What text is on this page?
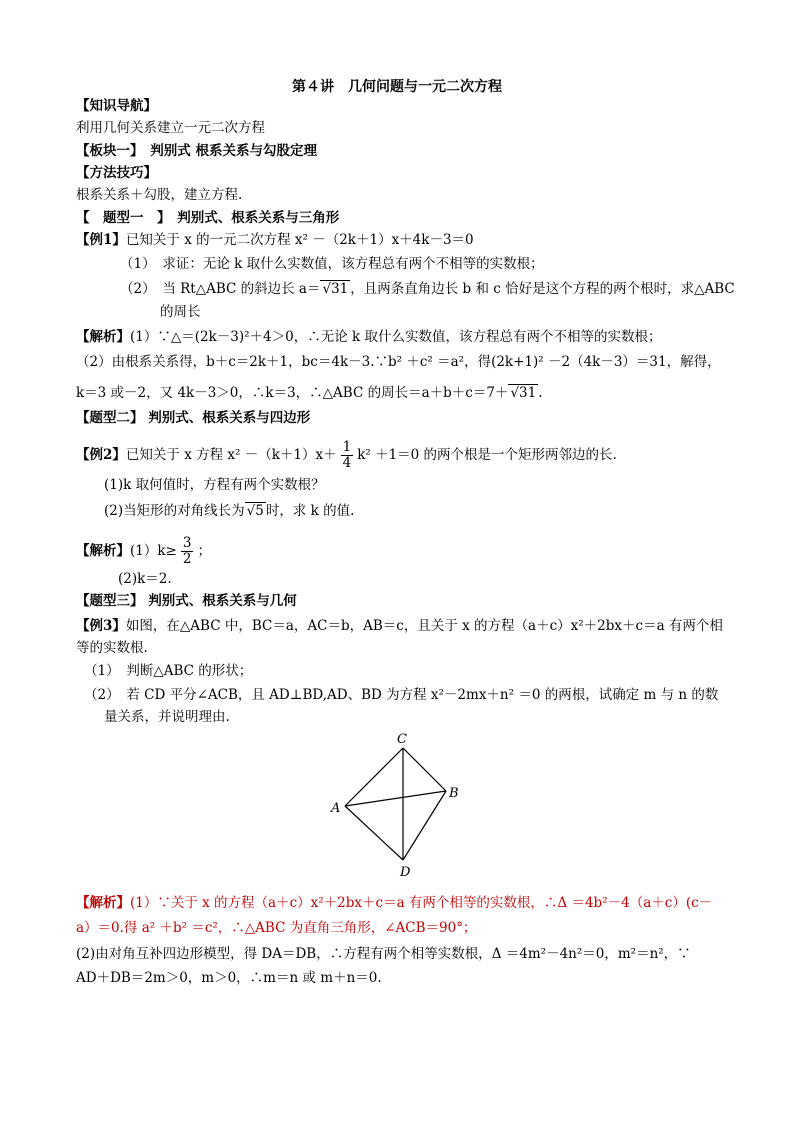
第４讲　几何问题与一元二次方程
【知识导航】
利用几何关系建立一元二次方程
【板块一】　判别式 根系关系与勾股定理
【方法技巧】
根系关系＋勾股，建立方程.
【　题型一　】　判别式、根系关系与三角形
【例1】已知关于 x 的一元二次方程 x² －（2k＋1）x＋4k－3＝0
（1）　求证：无论 k 取什么实数值，该方程总有两个不相等的实数根；
（2）　当 Rt△ABC 的斜边长 a＝ √31 ，且两条直角边长 b 和 c 恰好是这个方程的两个根时，求△ABC
的周长
【解析】(1）∵△＝(2k－3)²＋4＞0，∴无论 k 取什么实数值，该方程总有两个不相等的实数根；
（2）由根系关系得，b＋c＝2k＋1，bc＝4k－3.∵b² ＋c² ＝a²，得(2k+1)² －2（4k－3）＝31，解得，
k＝3 或－2，又 4k－3＞0，∴k＝3，∴△ABC 的周长＝a＋b＋c＝7＋ √31 .
【题型二】 判别式、根系关系与四边形
【例2】已知关于 x 方程 $x^2 -(k+1)x+ \frac{1}{4} k^2 +1=0$ 的两个根是一个矩形两邻边的长.
(1)k 取何值时，方程有两个实数根？
(2)当矩形的对角线长为 √5 时，求 k 的值.
【解析】$(1)k\ge \frac{3}{2}$ ；
(2)k＝2.
【题型三】 判别式、根系关系与几何
【例3】如图，在△ABC 中，BC＝a，AC＝b，AB＝c，且关于 x 的方程（a＋c）x²＋2bx＋c＝a 有两个相
等的实数根.
（1）　判断△ABC 的形状；
（2）　若 CD 平分∠ACB，且 AD⊥BD,AD、BD 为方程 x²－2mx＋n² ＝0 的两根，试确定 m 与 n 的数
量关系，并说明理由.
C
B
A
D
【解析】(1）∵关于 x 的方程（a＋c）x²＋2bx＋c＝a 有两个相等的实数根，∴Δ ＝4b²－4（a＋c）(c－
a）＝0.得 a² ＋b² ＝c²，∴△ABC 为直角三角形，∠ACB＝90°；
(2)由对角互补四边形模型，得 DA＝DB，∴方程有两个相等实数根，Δ ＝4m²－4n²＝0，m²＝n²，∵
AD＋DB＝2m＞0，m＞0，∴m＝n 或 m＋n＝0.
